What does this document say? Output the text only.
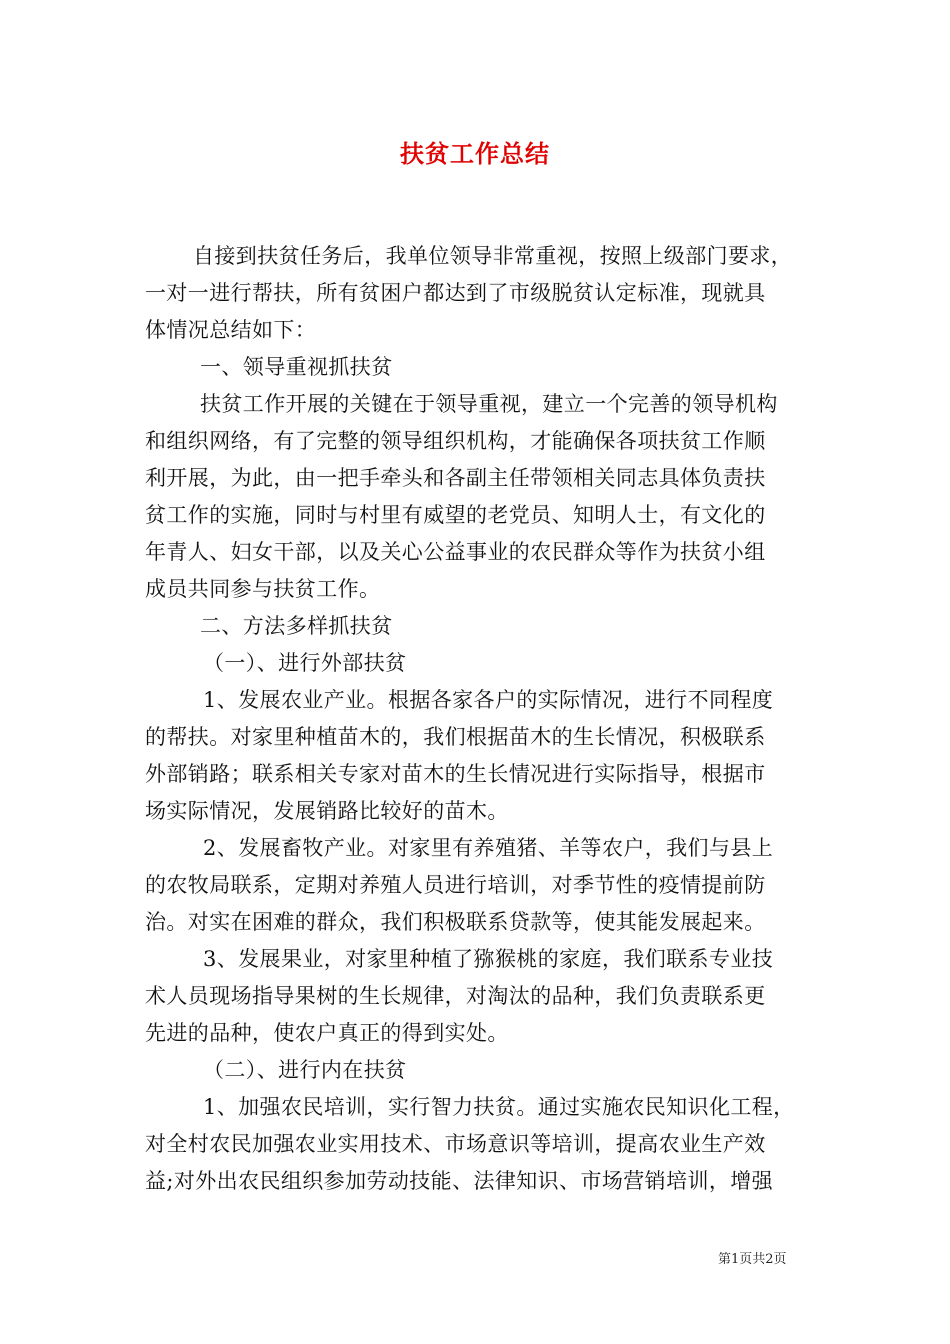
扶贫工作总结
自接到扶贫任务后，我单位领导非常重视，按照上级部门要求，
一对一进行帮扶，所有贫困户都达到了市级脱贫认定标准，现就具
体情况总结如下：
一、领导重视抓扶贫
扶贫工作开展的关键在于领导重视，建立一个完善的领导机构
和组织网络，有了完整的领导组织机构，才能确保各项扶贫工作顺
利开展，为此，由一把手牵头和各副主任带领相关同志具体负责扶
贫工作的实施，同时与村里有威望的老党员、知明人士，有文化的
年青人、妇女干部，以及关心公益事业的农民群众等作为扶贫小组
成员共同参与扶贫工作。
二、方法多样抓扶贫
（一）、进行外部扶贫
1、发展农业产业。根据各家各户的实际情况，进行不同程度
的帮扶。对家里种植苗木的，我们根据苗木的生长情况，积极联系
外部销路；联系相关专家对苗木的生长情况进行实际指导，根据市
场实际情况，发展销路比较好的苗木。
2、发展畜牧产业。对家里有养殖猪、羊等农户，我们与县上
的农牧局联系，定期对养殖人员进行培训，对季节性的疫情提前防
治。对实在困难的群众，我们积极联系贷款等，使其能发展起来。
3、发展果业，对家里种植了猕猴桃的家庭，我们联系专业技
术人员现场指导果树的生长规律，对淘汰的品种，我们负责联系更
先进的品种，使农户真正的得到实处。
（二）、进行内在扶贫
1、加强农民培训，实行智力扶贫。通过实施农民知识化工程，
对全村农民加强农业实用技术、市场意识等培训，提高农业生产效
益;对外出农民组织参加劳动技能、法律知识、市场营销培训，增强
第1页共2页
